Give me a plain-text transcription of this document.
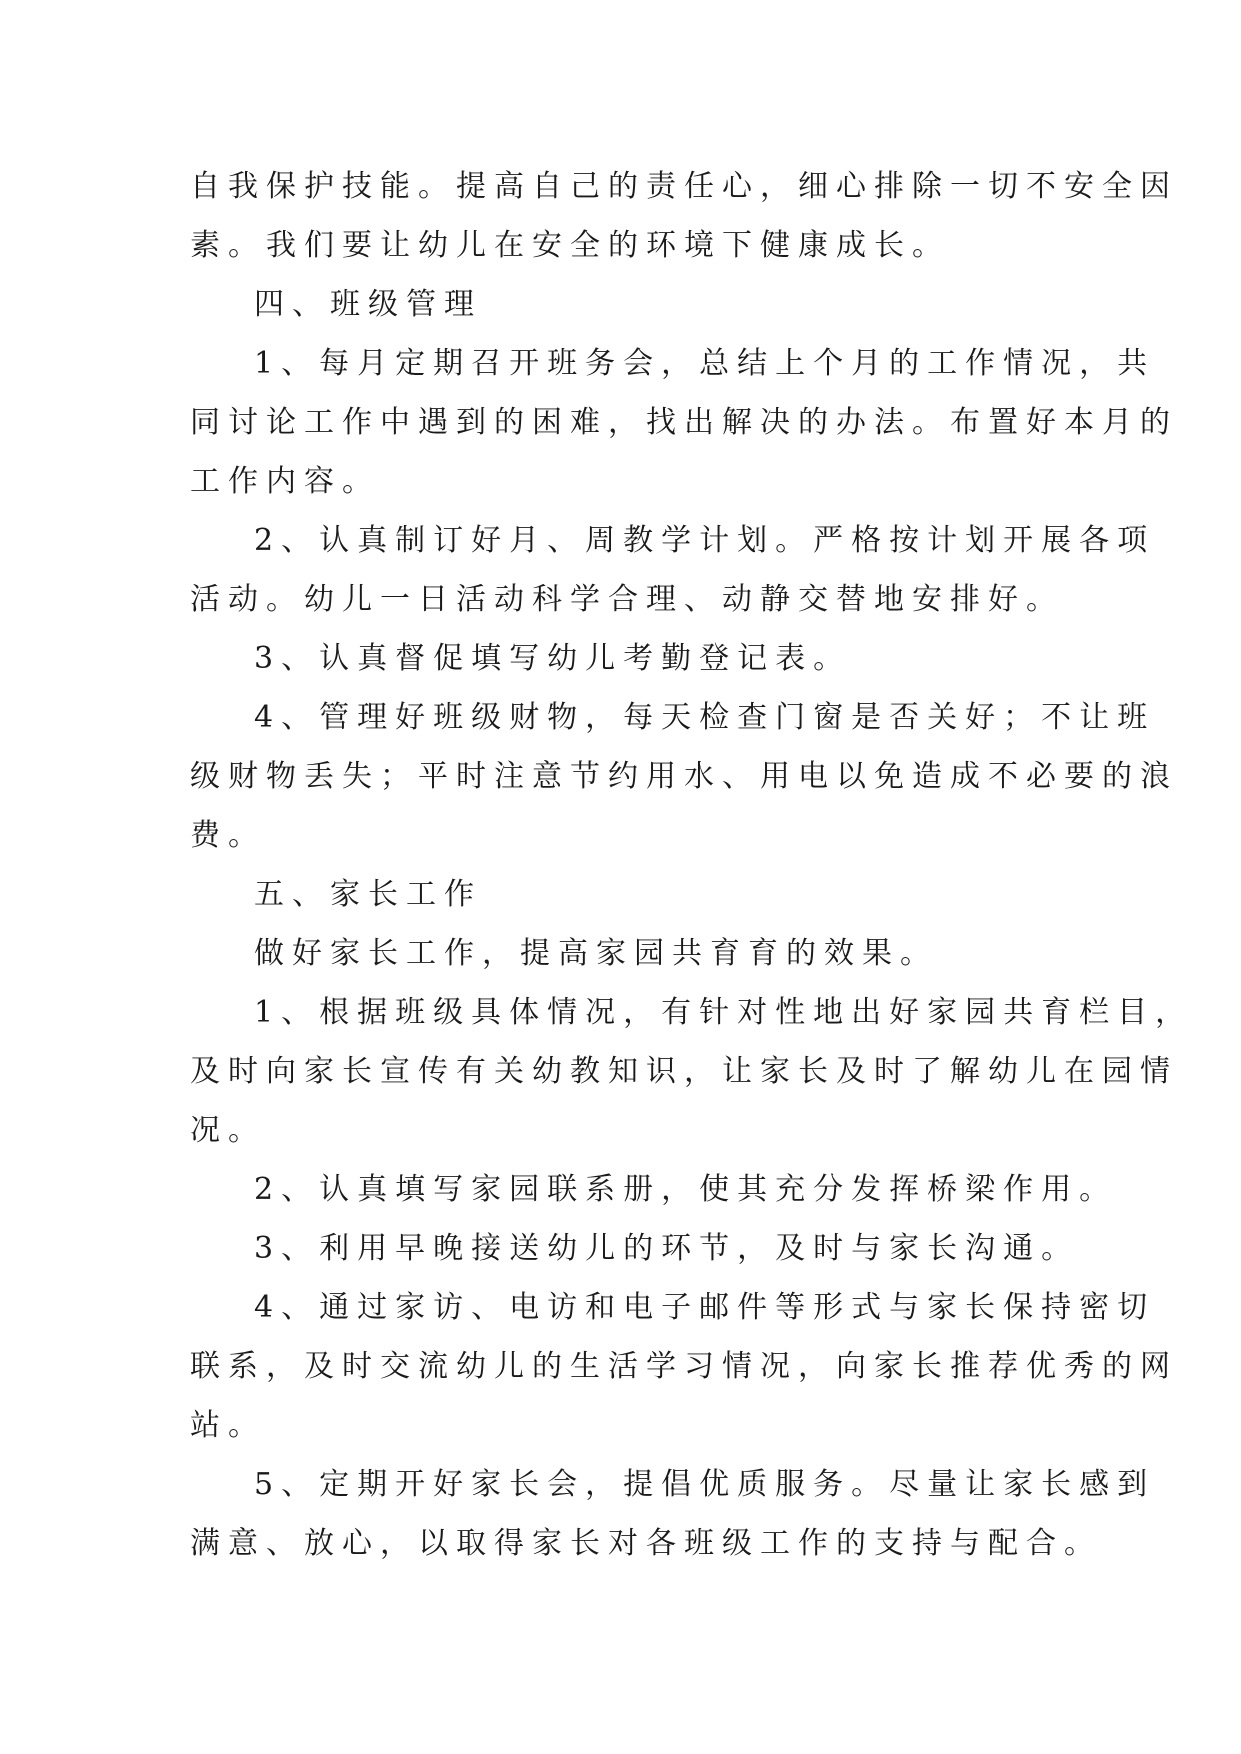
自我保护技能。提高自己的责任心，细心排除一切不安全因

素。我们要让幼儿在安全的环境下健康成长。

四、班级管理

1、每月定期召开班务会，总结上个月的工作情况，共

同讨论工作中遇到的困难，找出解决的办法。布置好本月的

工作内容。

2、认真制订好月、周教学计划。严格按计划开展各项

活动。幼儿一日活动科学合理、动静交替地安排好。

3、认真督促填写幼儿考勤登记表。

4、管理好班级财物，每天检查门窗是否关好；不让班

级财物丢失；平时注意节约用水、用电以免造成不必要的浪

费。

五、家长工作

做好家长工作，提高家园共育育的效果。

1、根据班级具体情况，有针对性地出好家园共育栏目，

及时向家长宣传有关幼教知识，让家长及时了解幼儿在园情

况。

2、认真填写家园联系册，使其充分发挥桥梁作用。

3、利用早晚接送幼儿的环节，及时与家长沟通。

4、通过家访、电访和电子邮件等形式与家长保持密切

联系，及时交流幼儿的生活学习情况，向家长推荐优秀的网

站。

5、定期开好家长会，提倡优质服务。尽量让家长感到

满意、放心，以取得家长对各班级工作的支持与配合。
